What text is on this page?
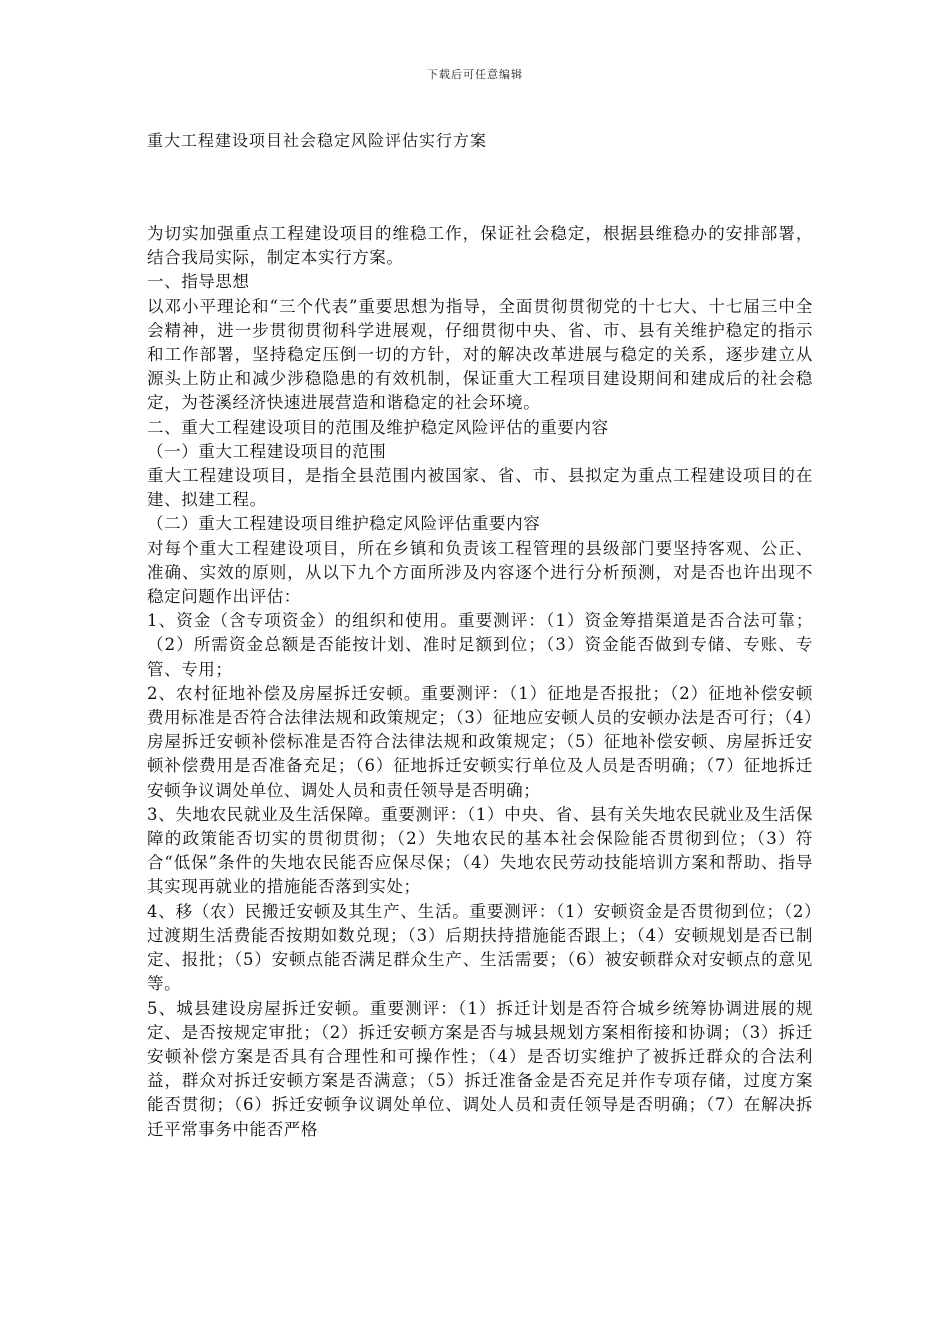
下载后可任意编辑
重大工程建设项目社会稳定风险评估实行方案

为切实加强重点工程建设项目的维稳工作，保证社会稳定，根据县维稳办的安排部署，结合我局实际，制定本实行方案。

一、指导思想

以邓小平理论和“三个代表”重要思想为指导，全面贯彻贯彻党的十七大、十七届三中全会精神，进一步贯彻贯彻科学进展观，仔细贯彻中央、省、市、县有关维护稳定的指示和工作部署，坚持稳定压倒一切的方针，对的解决改革进展与稳定的关系，逐步建立从源头上防止和减少涉稳隐患的有效机制，保证重大工程项目建设期间和建成后的社会稳定，为苍溪经济快速进展营造和谐稳定的社会环境。

二、重大工程建设项目的范围及维护稳定风险评估的重要内容

（一）重大工程建设项目的范围

重大工程建设项目，是指全县范围内被国家、省、市、县拟定为重点工程建设项目的在建、拟建工程。

（二）重大工程建设项目维护稳定风险评估重要内容

对每个重大工程建设项目，所在乡镇和负责该工程管理的县级部门要坚持客观、公正、准确、实效的原则，从以下九个方面所涉及内容逐个进行分析预测，对是否也许出现不稳定问题作出评估：

1、资金（含专项资金）的组织和使用。重要测评：（1）资金筹措渠道是否合法可靠；（2）所需资金总额是否能按计划、准时足额到位；（3）资金能否做到专储、专账、专管、专用；

2、农村征地补偿及房屋拆迁安顿。重要测评：（1）征地是否报批；（2）征地补偿安顿费用标准是否符合法律法规和政策规定；（3）征地应安顿人员的安顿办法是否可行；（4）房屋拆迁安顿补偿标准是否符合法律法规和政策规定；（5）征地补偿安顿、房屋拆迁安顿补偿费用是否准备充足；（6）征地拆迁安顿实行单位及人员是否明确；（7）征地拆迁安顿争议调处单位、调处人员和责任领导是否明确；

3、失地农民就业及生活保障。重要测评：（1）中央、省、县有关失地农民就业及生活保障的政策能否切实的贯彻贯彻；（2）失地农民的基本社会保险能否贯彻到位；（3）符合“低保”条件的失地农民能否应保尽保；（4）失地农民劳动技能培训方案和帮助、指导其实现再就业的措施能否落到实处；

4、移（农）民搬迁安顿及其生产、生活。重要测评：（1）安顿资金是否贯彻到位；（2）过渡期生活费能否按期如数兑现；（3）后期扶持措施能否跟上；（4）安顿规划是否已制定、报批；（5）安顿点能否满足群众生产、生活需要；（6）被安顿群众对安顿点的意见等。

5、城县建设房屋拆迁安顿。重要测评：（1）拆迁计划是否符合城乡统筹协调进展的规定、是否按规定审批；（2）拆迁安顿方案是否与城县规划方案相衔接和协调；（3）拆迁安顿补偿方案是否具有合理性和可操作性；（4）是否切实维护了被拆迁群众的合法利益，群众对拆迁安顿方案是否满意；（5）拆迁准备金是否充足并作专项存储，过度方案能否贯彻；（6）拆迁安顿争议调处单位、调处人员和责任领导是否明确；（7）在解决拆迁平常事务中能否严格
